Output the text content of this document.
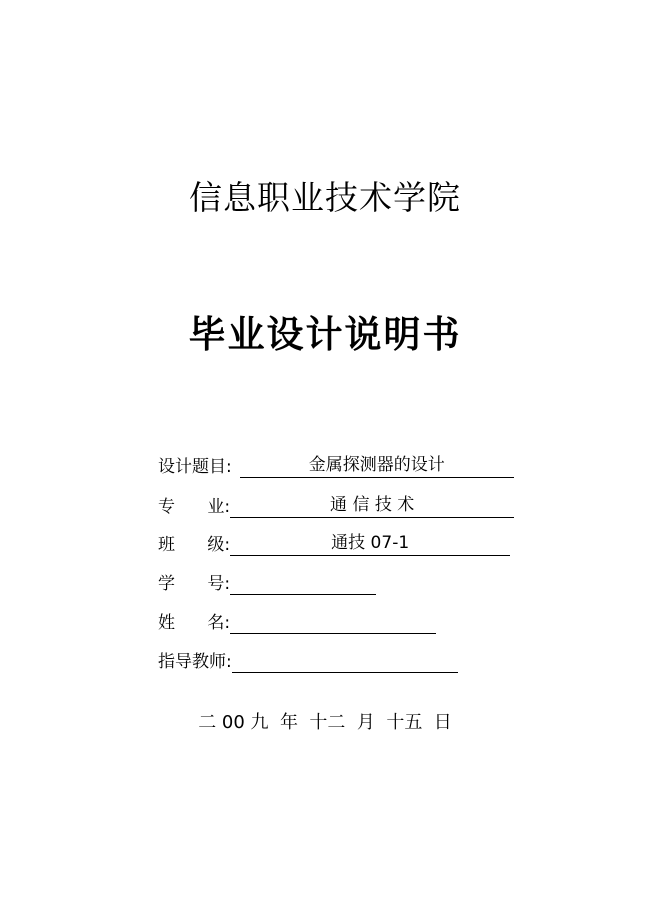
信息职业技术学院
毕业设计说明书
设计题目:	金属探测器的设计
专      业:	通 信 技 术
班      级:	通技 07-1
学      号:
姓      名:
指导教师:
二 00 九  年  十二  月  十五  日
